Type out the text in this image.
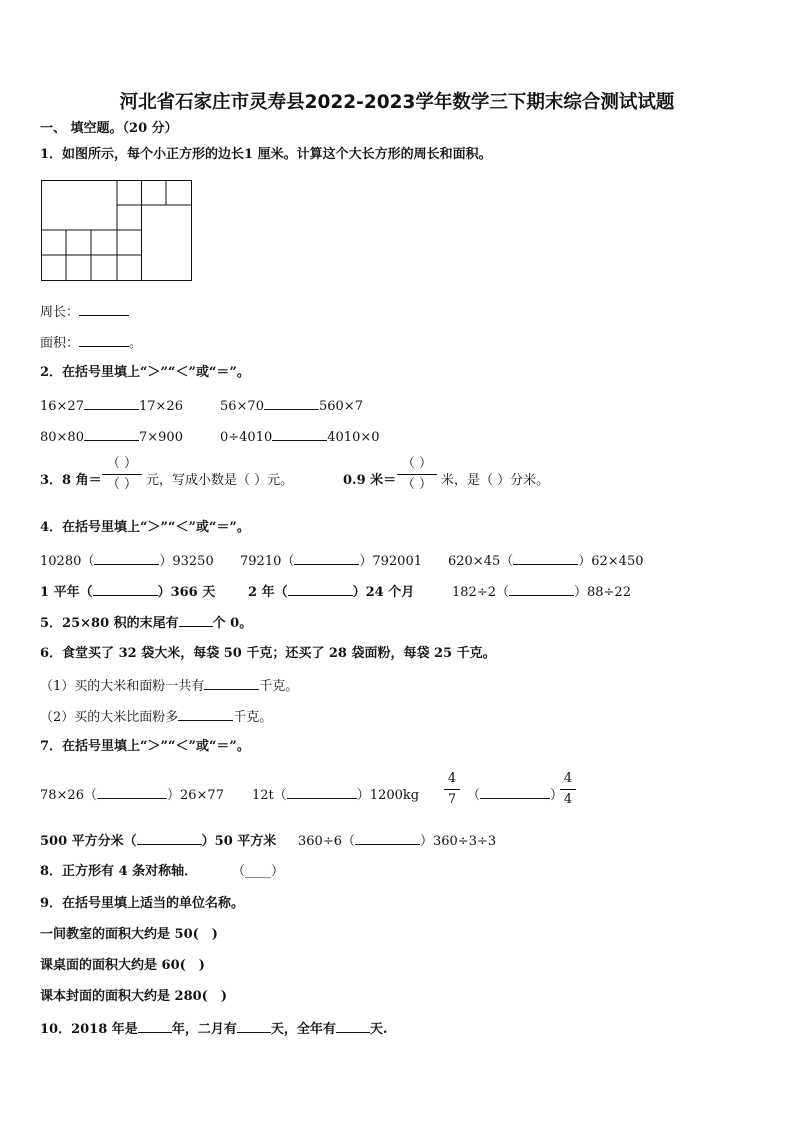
河北省石家庄市灵寿县2022-2023学年数学三下期末综合测试试题
一、 填空题。（20 分）
1．如图所示，每个小正方形的边长1 厘米。计算这个大长方形的周长和面积。
周长：
面积：	。
2．在括号里填上“＞”“＜”或“＝”。
16×27	17×26	56×70	560×7
80×80	7×900	0÷4010	4010×0
3．8 角＝
（ ）
（ ） 元，写成小数是（ ）元。	0.9 米＝
（ ）
（ ） 米，是（ ）分米。
4．在括号里填上“＞”“＜”或“＝”。
10280（	）93250 79210（	）792001 620×45（	）62×450
1 平年（	）366 天	2 年（	）24 个月	182÷2（	）88÷22
5．25×80 积的末尾有	个 0。
6．食堂买了 32 袋大米，每袋 50 千克；还买了 28 袋面粉，每袋 25 千克。
（1）买的大米和面粉一共有	千克。
（2）买的大米比面粉多	千克。
7．在括号里填上“＞”“＜”或“＝”。
78×26（	）26×77 12t（	）1200kg
4
7 （	）
4
4
500 平方分米（	）50 平方米 360÷6（	）360÷3÷3
8．正方形有 4 条对称轴．	（____）
9．在括号里填上适当的单位名称。
一间教室的面积大约是 50(　)
课桌面的面积大约是 60(　)
课本封面的面积大约是 280(　)
10．2018 年是	年，二月有	天，全年有	天.
